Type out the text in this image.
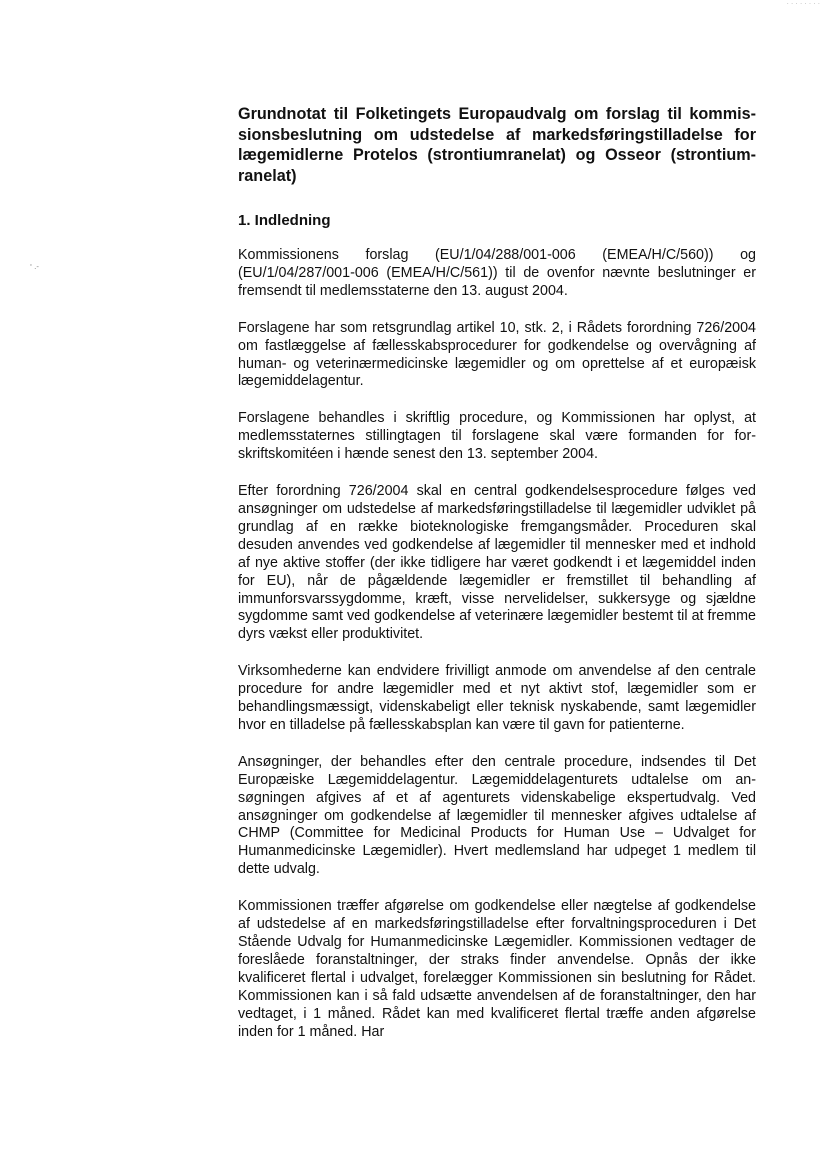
· · · · · · · ·
' .-
Grundnotat til Folketingets Europaudvalg om forslag til kommissionsbeslutning om udstedelse af markedsføringstilladelse for lægemidlerne Protelos (strontiumranelat) og Osseor (strontiumranelat)
1. Indledning

Kommissionens forslag (EU/1/04/288/001-006 (EMEA/H/C/560)) og (EU/1/04/287/001-006 (EMEA/H/C/561)) til de ovenfor nævnte beslutninger er fremsendt til medlemsstaterne den 13. august 2004.

Forslagene har som retsgrundlag artikel 10, stk. 2, i Rådets forordning 726/2004 om fastlæggelse af fællesskabsprocedurer for godkendelse og overvågning af human- og veterinærmedicinske lægemidler og om oprettelse af et europæisk lægemiddelagentur.

Forslagene behandles i skriftlig procedure, og Kommissionen har oplyst, at medlemsstaternes stillingtagen til forslagene skal være formanden for forskriftskomitéen i hænde senest den 13. september 2004.

Efter forordning 726/2004 skal en central godkendelsesprocedure følges ved ansøgninger om udstedelse af markedsføringstilladelse til lægemidler udviklet på grundlag af en række bioteknologiske fremgangsmåder. Proceduren skal desuden anvendes ved godkendelse af lægemidler til mennesker med et indhold af nye aktive stoffer (der ikke tidligere har været godkendt i et lægemiddel inden for EU), når de pågældende lægemidler er fremstillet til behandling af immunforsvarssygdomme, kræft, visse nervelidelser, sukkersyge og sjældne sygdomme samt ved godkendelse af veterinære lægemidler bestemt til at fremme dyrs vækst eller produktivitet.

Virksomhederne kan endvidere frivilligt anmode om anvendelse af den centrale procedure for andre lægemidler med et nyt aktivt stof, lægemidler som er behandlingsmæssigt, videnskabeligt eller teknisk nyskabende, samt lægemidler hvor en tilladelse på fællesskabsplan kan være til gavn for patienterne.

Ansøgninger, der behandles efter den centrale procedure, indsendes til Det Europæiske Lægemiddelagentur. Lægemiddelagenturets udtalelse om ansøgningen afgives af et af agenturets videnskabelige ekspertudvalg. Ved ansøgninger om godkendelse af lægemidler til mennesker afgives udtalelse af CHMP (Committee for Medicinal Products for Human Use – Udvalget for Humanmedicinske Lægemidler). Hvert medlemsland har udpeget 1 medlem til dette udvalg.

Kommissionen træffer afgørelse om godkendelse eller nægtelse af godkendelse af udstedelse af en markedsføringstilladelse efter forvaltningsproceduren i Det Stående Udvalg for Humanmedicinske Lægemidler. Kommissionen vedtager de foreslåede foranstaltninger, der straks finder anvendelse. Opnås der ikke kvalificeret flertal i udvalget, forelægger Kommissionen sin beslutning for Rådet. Kommissionen kan i så fald udsætte anvendelsen af de foranstaltninger, den har vedtaget, i 1 måned. Rådet kan med kvalificeret flertal træffe anden afgørelse inden for 1 måned. Har
